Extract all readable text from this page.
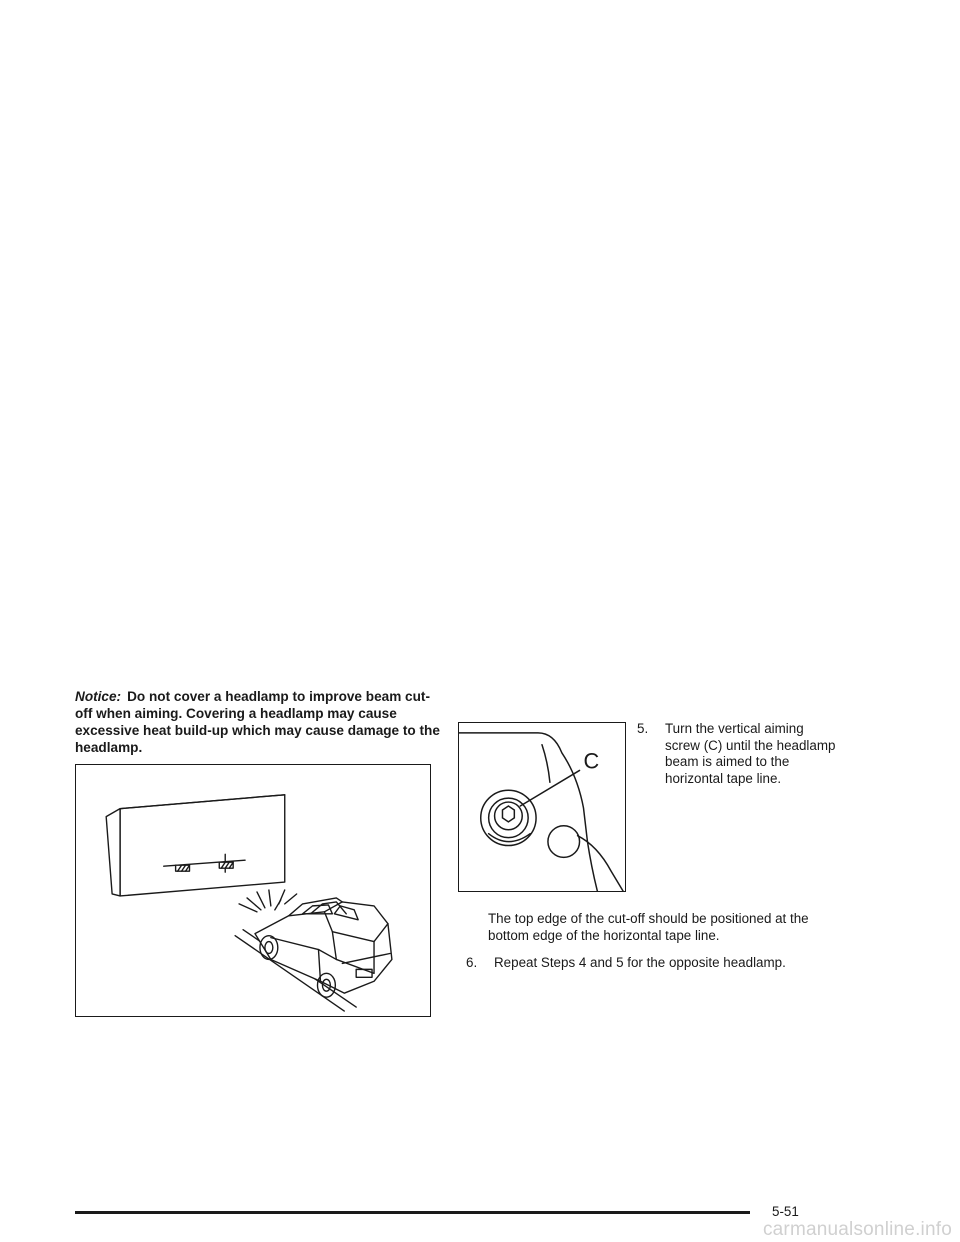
Notice: Do not cover a headlamp to improve beam cut-off when aiming. Covering a headlamp may cause excessive heat build-up which may cause damage to the headlamp.

C
5.	Turn the vertical aiming screw (C) until the headlamp beam is aimed to the horizontal tape line.

The top edge of the cut-off should be positioned at the bottom edge of the horizontal tape line.

6.	Repeat Steps 4 and 5 for the opposite headlamp.
5-51
carmanualsonline.info
